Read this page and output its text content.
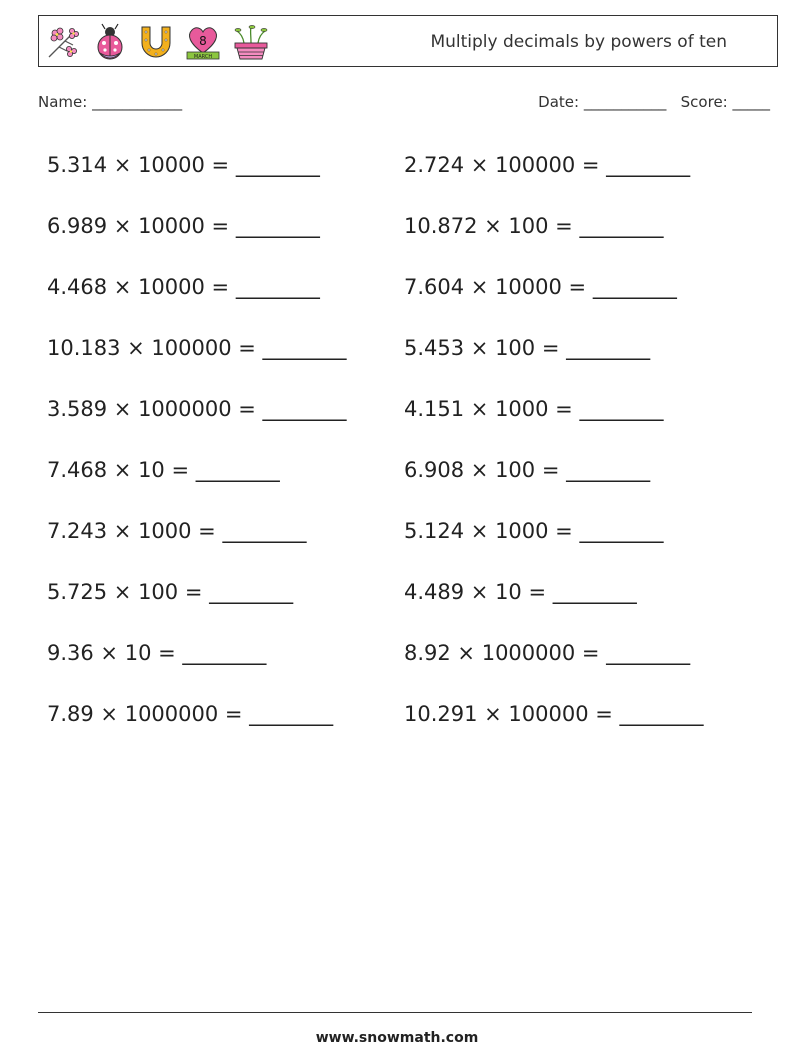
8
MARCH
Multiply decimals by powers of ten
Name: ____________	Date: ___________ Score: _____
5.314 × 10000 = ________	2.724 × 100000 = ________
6.989 × 10000 = ________	10.872 × 100 = ________
4.468 × 10000 = ________	7.604 × 10000 = ________
10.183 × 100000 = ________	5.453 × 100 = ________
3.589 × 1000000 = ________	4.151 × 1000 = ________
7.468 × 10 = ________	6.908 × 100 = ________
7.243 × 1000 = ________	5.124 × 1000 = ________
5.725 × 100 = ________	4.489 × 10 = ________
9.36 × 10 = ________	8.92 × 1000000 = ________
7.89 × 1000000 = ________	10.291 × 100000 = ________
www.snowmath.com
